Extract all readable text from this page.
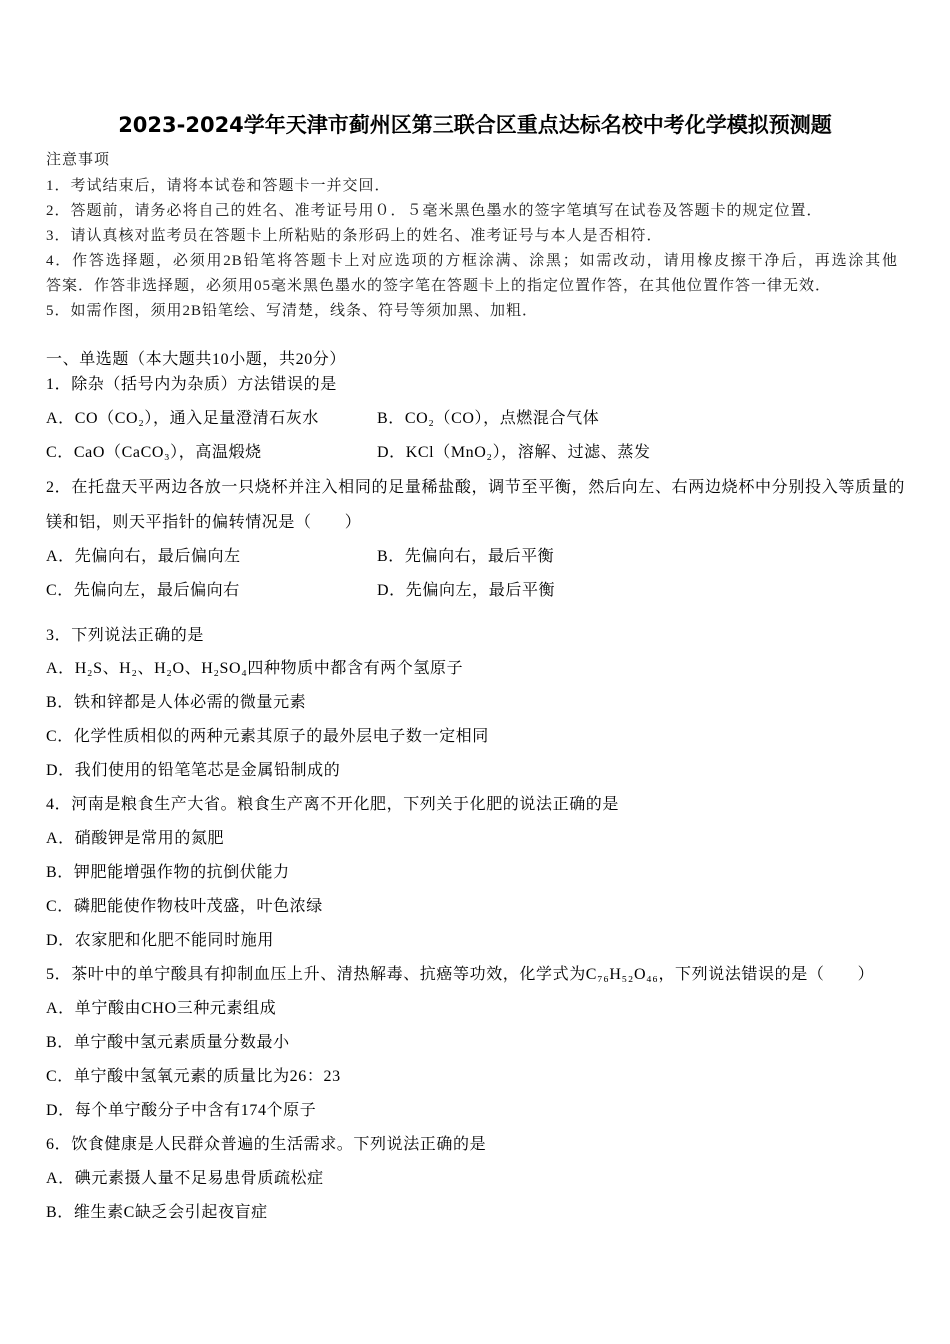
2023-2024学年天津市蓟州区第三联合区重点达标名校中考化学模拟预测题
注意事项
1．考试结束后，请将本试卷和答题卡一并交回．
2．答题前，请务必将自己的姓名、准考证号用０．５毫米黑色墨水的签字笔填写在试卷及答题卡的规定位置．
3．请认真核对监考员在答题卡上所粘贴的条形码上的姓名、准考证号与本人是否相符．
4．作答选择题，必须用2B铅笔将答题卡上对应选项的方框涂满、涂黑；如需改动，请用橡皮擦干净后，再选涂其他
答案．作答非选择题，必须用05毫米黑色墨水的签字笔在答题卡上的指定位置作答，在其他位置作答一律无效．
5．如需作图，须用2B铅笔绘、写清楚，线条、符号等须加黑、加粗．
一、单选题（本大题共10小题，共20分）
1．除杂（括号内为杂质）方法错误的是
A．CO（CO₂），通入足量澄清石灰水	B．CO₂（CO），点燃混合气体
C．CaO（CaCO₃），高温煅烧	D．KCl（MnO₂），溶解、过滤、蒸发
2．在托盘天平两边各放一只烧杯并注入相同的足量稀盐酸，调节至平衡，然后向左、右两边烧杯中分别投入等质量的
镁和铝，则天平指针的偏转情况是（　　）
A．先偏向右，最后偏向左	B．先偏向右，最后平衡
C．先偏向左，最后偏向右	D．先偏向左，最后平衡
3．下列说法正确的是
A．H₂S、H₂、H₂O、H₂SO₄四种物质中都含有两个氢原子
B．铁和锌都是人体必需的微量元素
C．化学性质相似的两种元素其原子的最外层电子数一定相同
D．我们使用的铅笔笔芯是金属铅制成的
4．河南是粮食生产大省。粮食生产离不开化肥，下列关于化肥的说法正确的是
A．硝酸钾是常用的氮肥
B．钾肥能增强作物的抗倒伏能力
C．磷肥能使作物枝叶茂盛，叶色浓绿
D．农家肥和化肥不能同时施用
5．茶叶中的单宁酸具有抑制血压上升、清热解毒、抗癌等功效，化学式为C₇₆H₅₂O₄₆，下列说法错误的是（　　）
A．单宁酸由CHO三种元素组成
B．单宁酸中氢元素质量分数最小
C．单宁酸中氢氧元素的质量比为26：23
D．每个单宁酸分子中含有174个原子
6．饮食健康是人民群众普遍的生活需求。下列说法正确的是
A．碘元素摄人量不足易患骨质疏松症
B．维生素C缺乏会引起夜盲症
